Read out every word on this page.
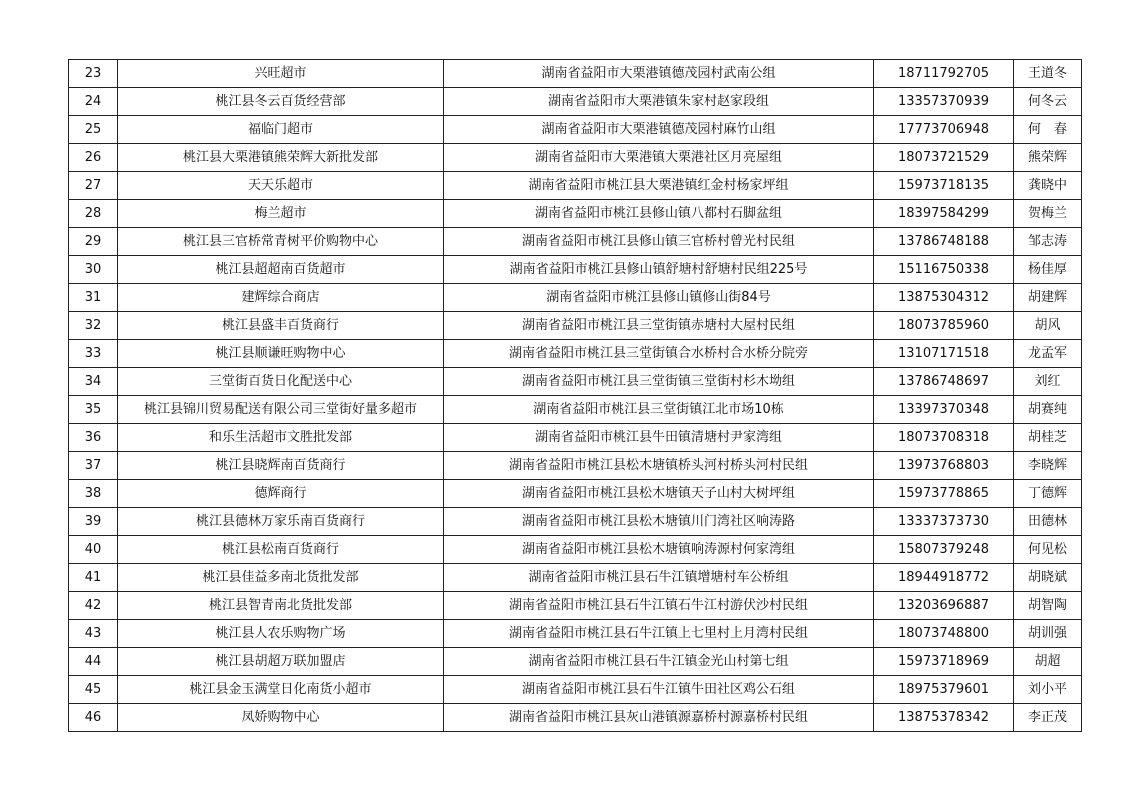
23	兴旺超市	湖南省益阳市大栗港镇德茂园村武南公组	18711792705	王道冬
24	桃江县冬云百货经营部	湖南省益阳市大栗港镇朱家村赵家段组	13357370939	何冬云
25	福临门超市	湖南省益阳市大栗港镇德茂园村麻竹山组	17773706948	何　春
26	桃江县大栗港镇熊荣辉大新批发部	湖南省益阳市大栗港镇大栗港社区月亮屋组	18073721529	熊荣辉
27	天天乐超市	湖南省益阳市桃江县大栗港镇红金村杨家坪组	15973718135	龚晓中
28	梅兰超市	湖南省益阳市桃江县修山镇八都村石脚盆组	18397584299	贺梅兰
29	桃江县三官桥常青树平价购物中心	湖南省益阳市桃江县修山镇三官桥村曾光村民组	13786748188	邹志涛
30	桃江县超超南百货超市	湖南省益阳市桃江县修山镇舒塘村舒塘村民组225号	15116750338	杨佳厚
31	建辉综合商店	湖南省益阳市桃江县修山镇修山街84号	13875304312	胡建辉
32	桃江县盛丰百货商行	湖南省益阳市桃江县三堂街镇赤塘村大屋村民组	18073785960	胡风
33	桃江县顺谦旺购物中心	湖南省益阳市桃江县三堂街镇合水桥村合水桥分院旁	13107171518	龙孟军
34	三堂街百货日化配送中心	湖南省益阳市桃江县三堂街镇三堂街村杉木坳组	13786748697	刘红
35	桃江县锦川贸易配送有限公司三堂街好量多超市	湖南省益阳市桃江县三堂街镇江北市场10栋	13397370348	胡赛纯
36	和乐生活超市文胜批发部	湖南省益阳市桃江县牛田镇清塘村尹家湾组	18073708318	胡桂芝
37	桃江县晓辉南百货商行	湖南省益阳市桃江县松木塘镇桥头河村桥头河村民组	13973768803	李晓辉
38	德辉商行	湖南省益阳市桃江县松木塘镇天子山村大树坪组	15973778865	丁德辉
39	桃江县德林万家乐南百货商行	湖南省益阳市桃江县松木塘镇川门湾社区响涛路	13337373730	田德林
40	桃江县松南百货商行	湖南省益阳市桃江县松木塘镇响涛源村何家湾组	15807379248	何见松
41	桃江县佳益多南北货批发部	湖南省益阳市桃江县石牛江镇增塘村车公桥组	18944918772	胡晓斌
42	桃江县智青南北货批发部	湖南省益阳市桃江县石牛江镇石牛江村游伏沙村民组	13203696887	胡智陶
43	桃江县人农乐购物广场	湖南省益阳市桃江县石牛江镇上七里村上月湾村民组	18073748800	胡训强
44	桃江县胡超万联加盟店	湖南省益阳市桃江县石牛江镇金光山村第七组	15973718969	胡超
45	桃江县金玉满堂日化南货小超市	湖南省益阳市桃江县石牛江镇牛田社区鸡公石组	18975379601	刘小平
46	凤娇购物中心	湖南省益阳市桃江县灰山港镇源嘉桥村源嘉桥村民组	13875378342	李正茂
